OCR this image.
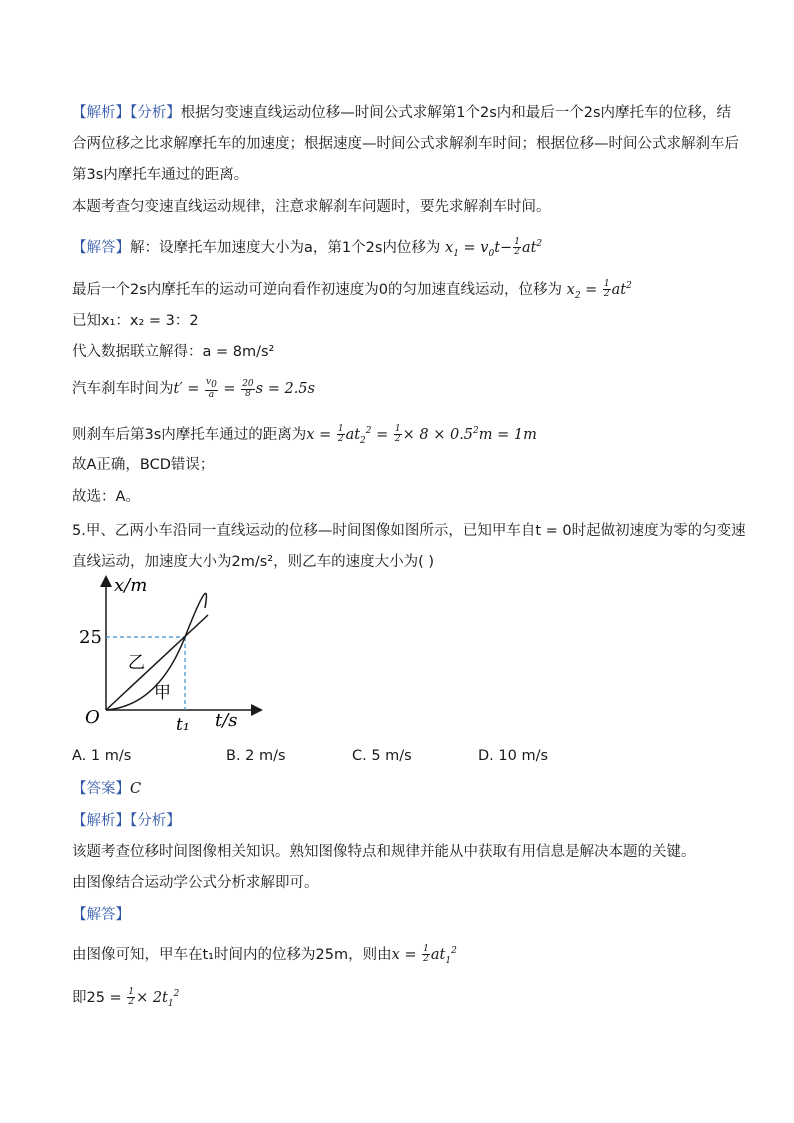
【解析】【分析】根据匀变速直线运动位移—时间公式求解第1个2s内和最后一个2s内摩托车的位移，结
合两位移之比求解摩托车的加速度；根据速度—时间公式求解刹车时间；根据位移—时间公式求解刹车后
第3s内摩托车通过的距离。
本题考查匀变速直线运动规律，注意求解刹车问题时，要先求解刹车时间。
【解答】解：设摩托车加速度大小为a，第1个2s内位移为 $x_1 = v_0t- \frac{1}{2} at^2$
最后一个2s内摩托车的运动可逆向看作初速度为0的匀加速直线运动，位移为 $x_2 = \frac{1}{2} at^2$
已知x₁：x₂ = 3：2
代入数据联立解得：a = 8m/s²
汽车刹车时间为$t' = \frac{v_0}{a} = \frac{20}{8}$ s = 2.5s
则刹车后第3s内摩托车通过的距离为$x = \frac{1}{2} at_2^2 = \frac{1}{2} \times 8 \times 0.5^2m = 1m$
故A正确，BCD错误；
故选：A。
5.甲、乙两小车沿同一直线运动的位移—时间图像如图所示，已知甲车自t = 0时起做初速度为零的匀变速
直线运动，加速度大小为2m/s²，则乙车的速度大小为( )
x/m
25
O	t₁ t/s
乙
甲
A. 1 m/s	B. 2 m/s	C. 5 m/s	D. 10 m/s
【答案】C
【解析】【分析】
该题考查位移时间图像相关知识。熟知图像特点和规律并能从中获取有用信息是解决本题的关键。
由图像结合运动学公式分析求解即可。
【解答】
由图像可知，甲车在t₁时间内的位移为25m，则由$x = \frac{1}{2} at_1^2$
即$25 = \frac{1}{2} \times 2t_1^2$
